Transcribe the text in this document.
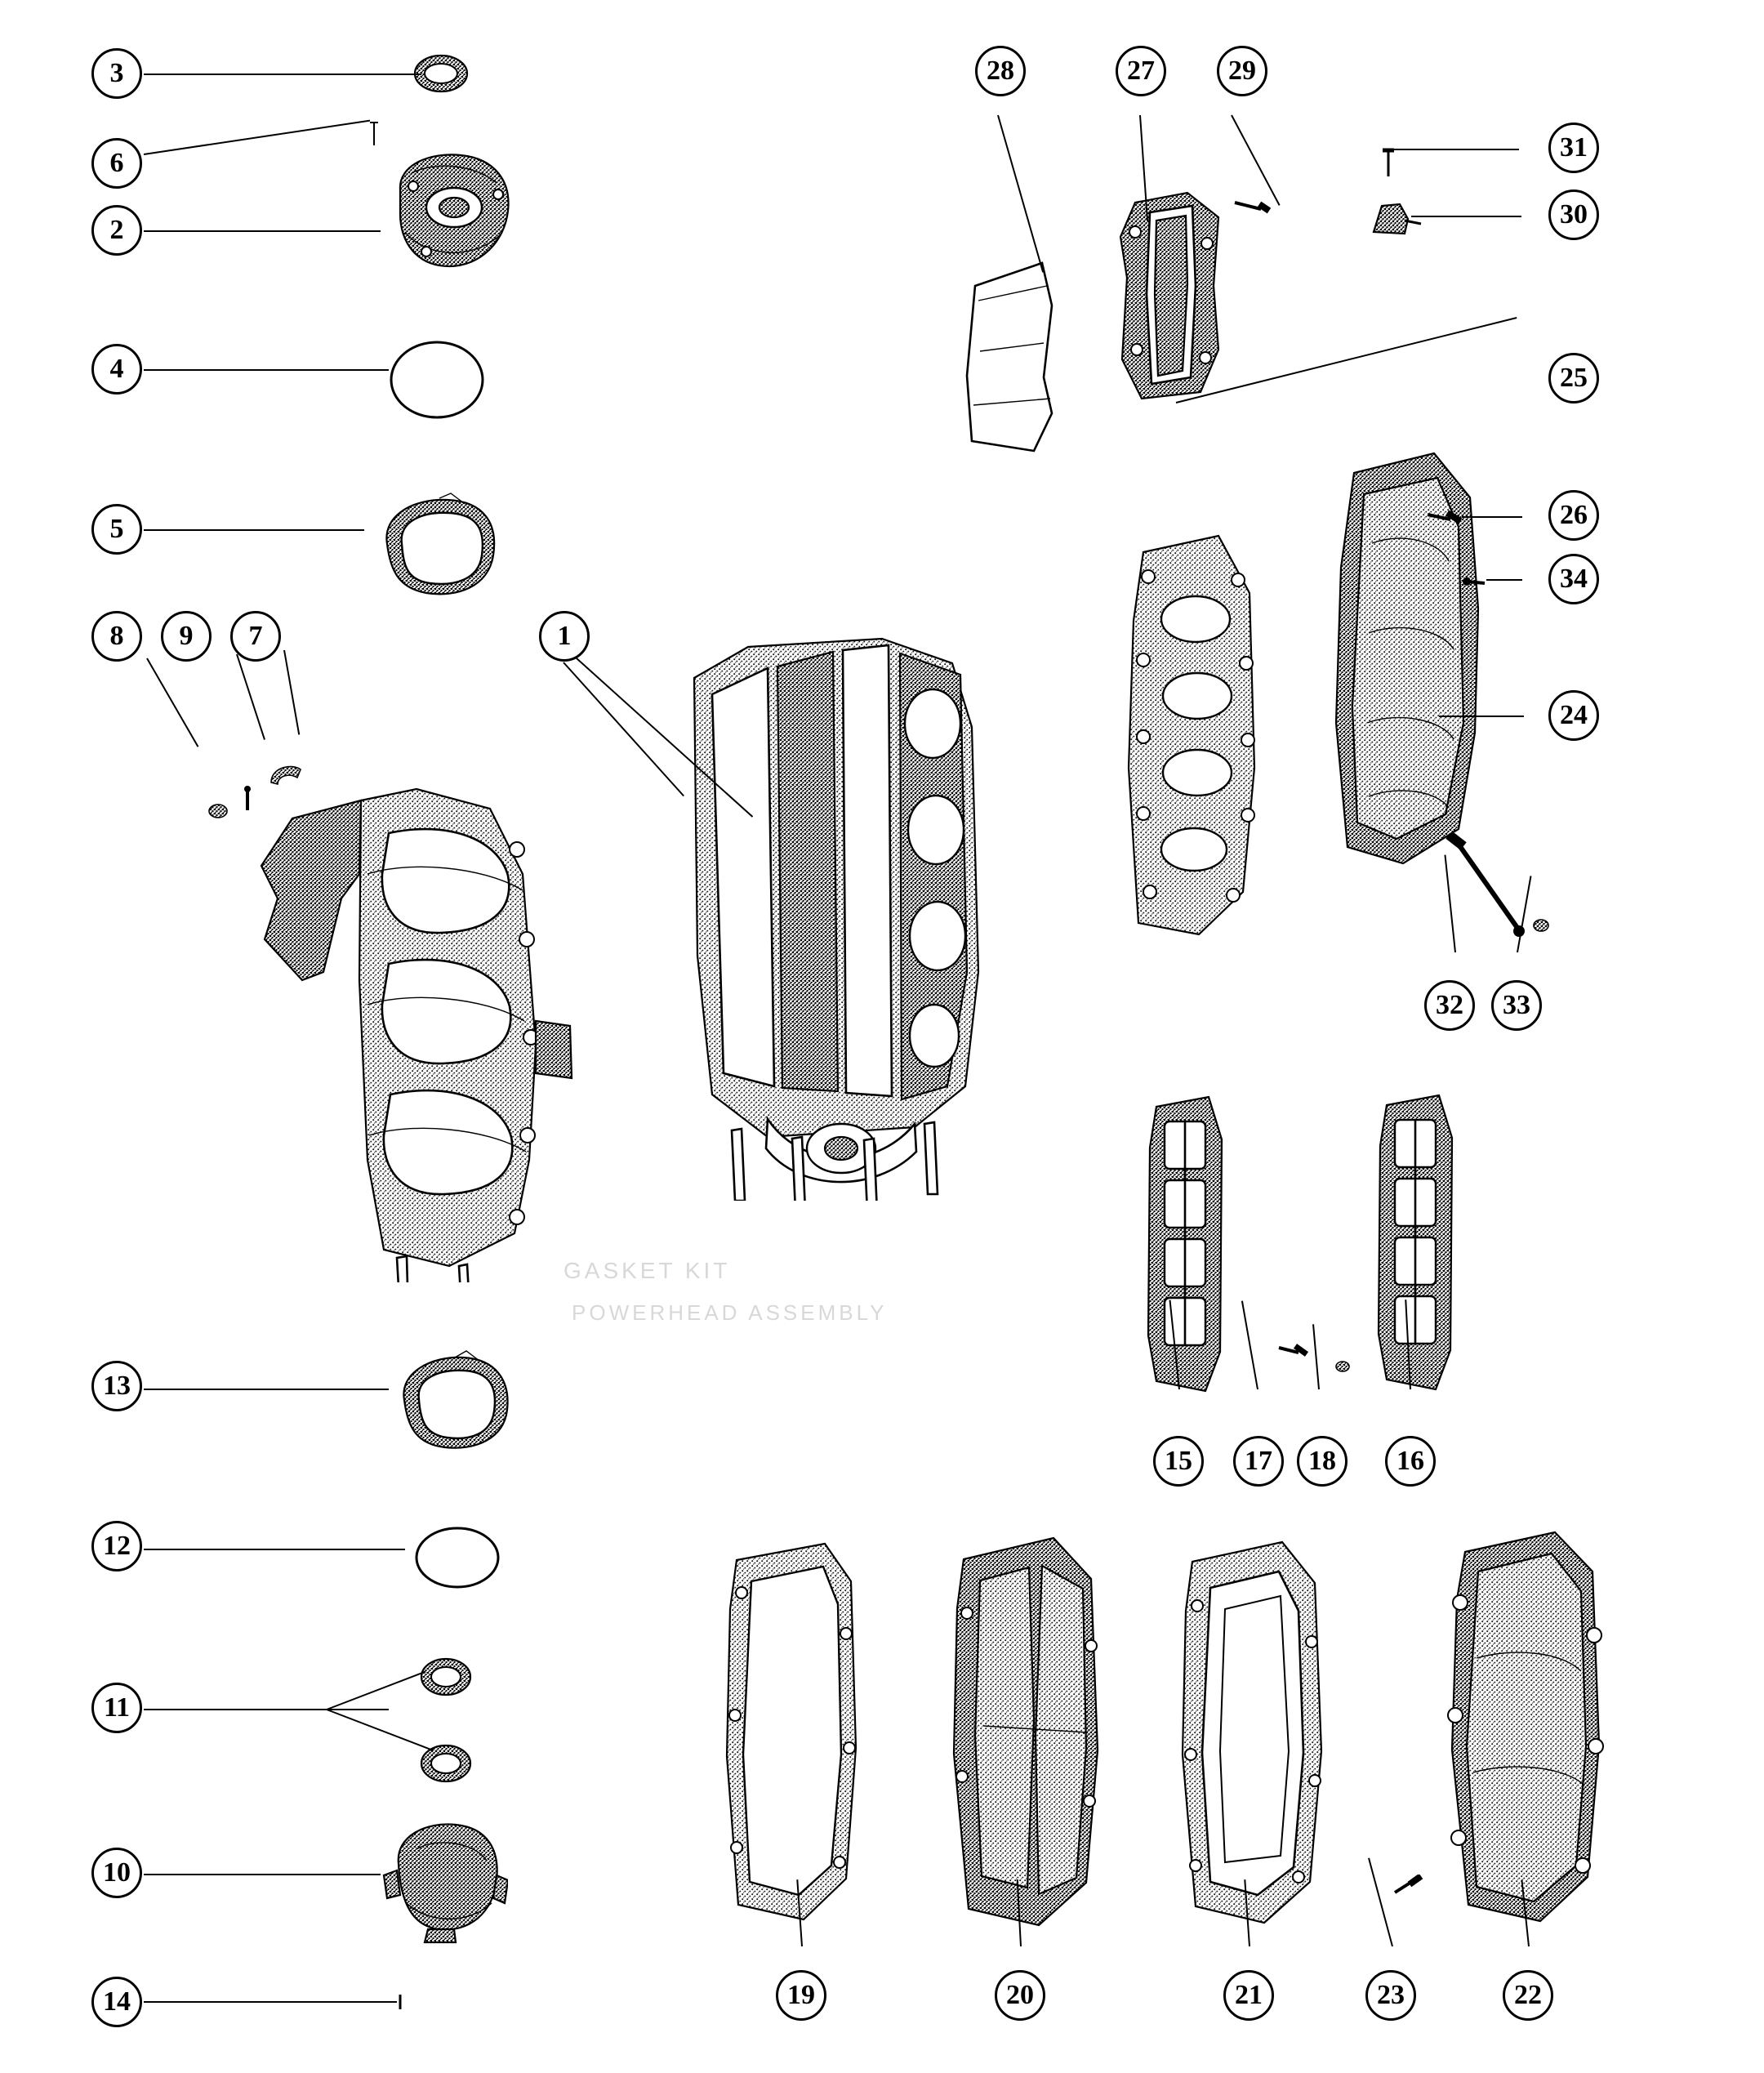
GASKET KIT
POWERHEAD ASSEMBLY
3
6
2
4
5
8	9	7	1
13
12
11
10
14
28	27	29
31
30
25
26
34
24
32	33
15	17	18	16
19	20	21	23	22
